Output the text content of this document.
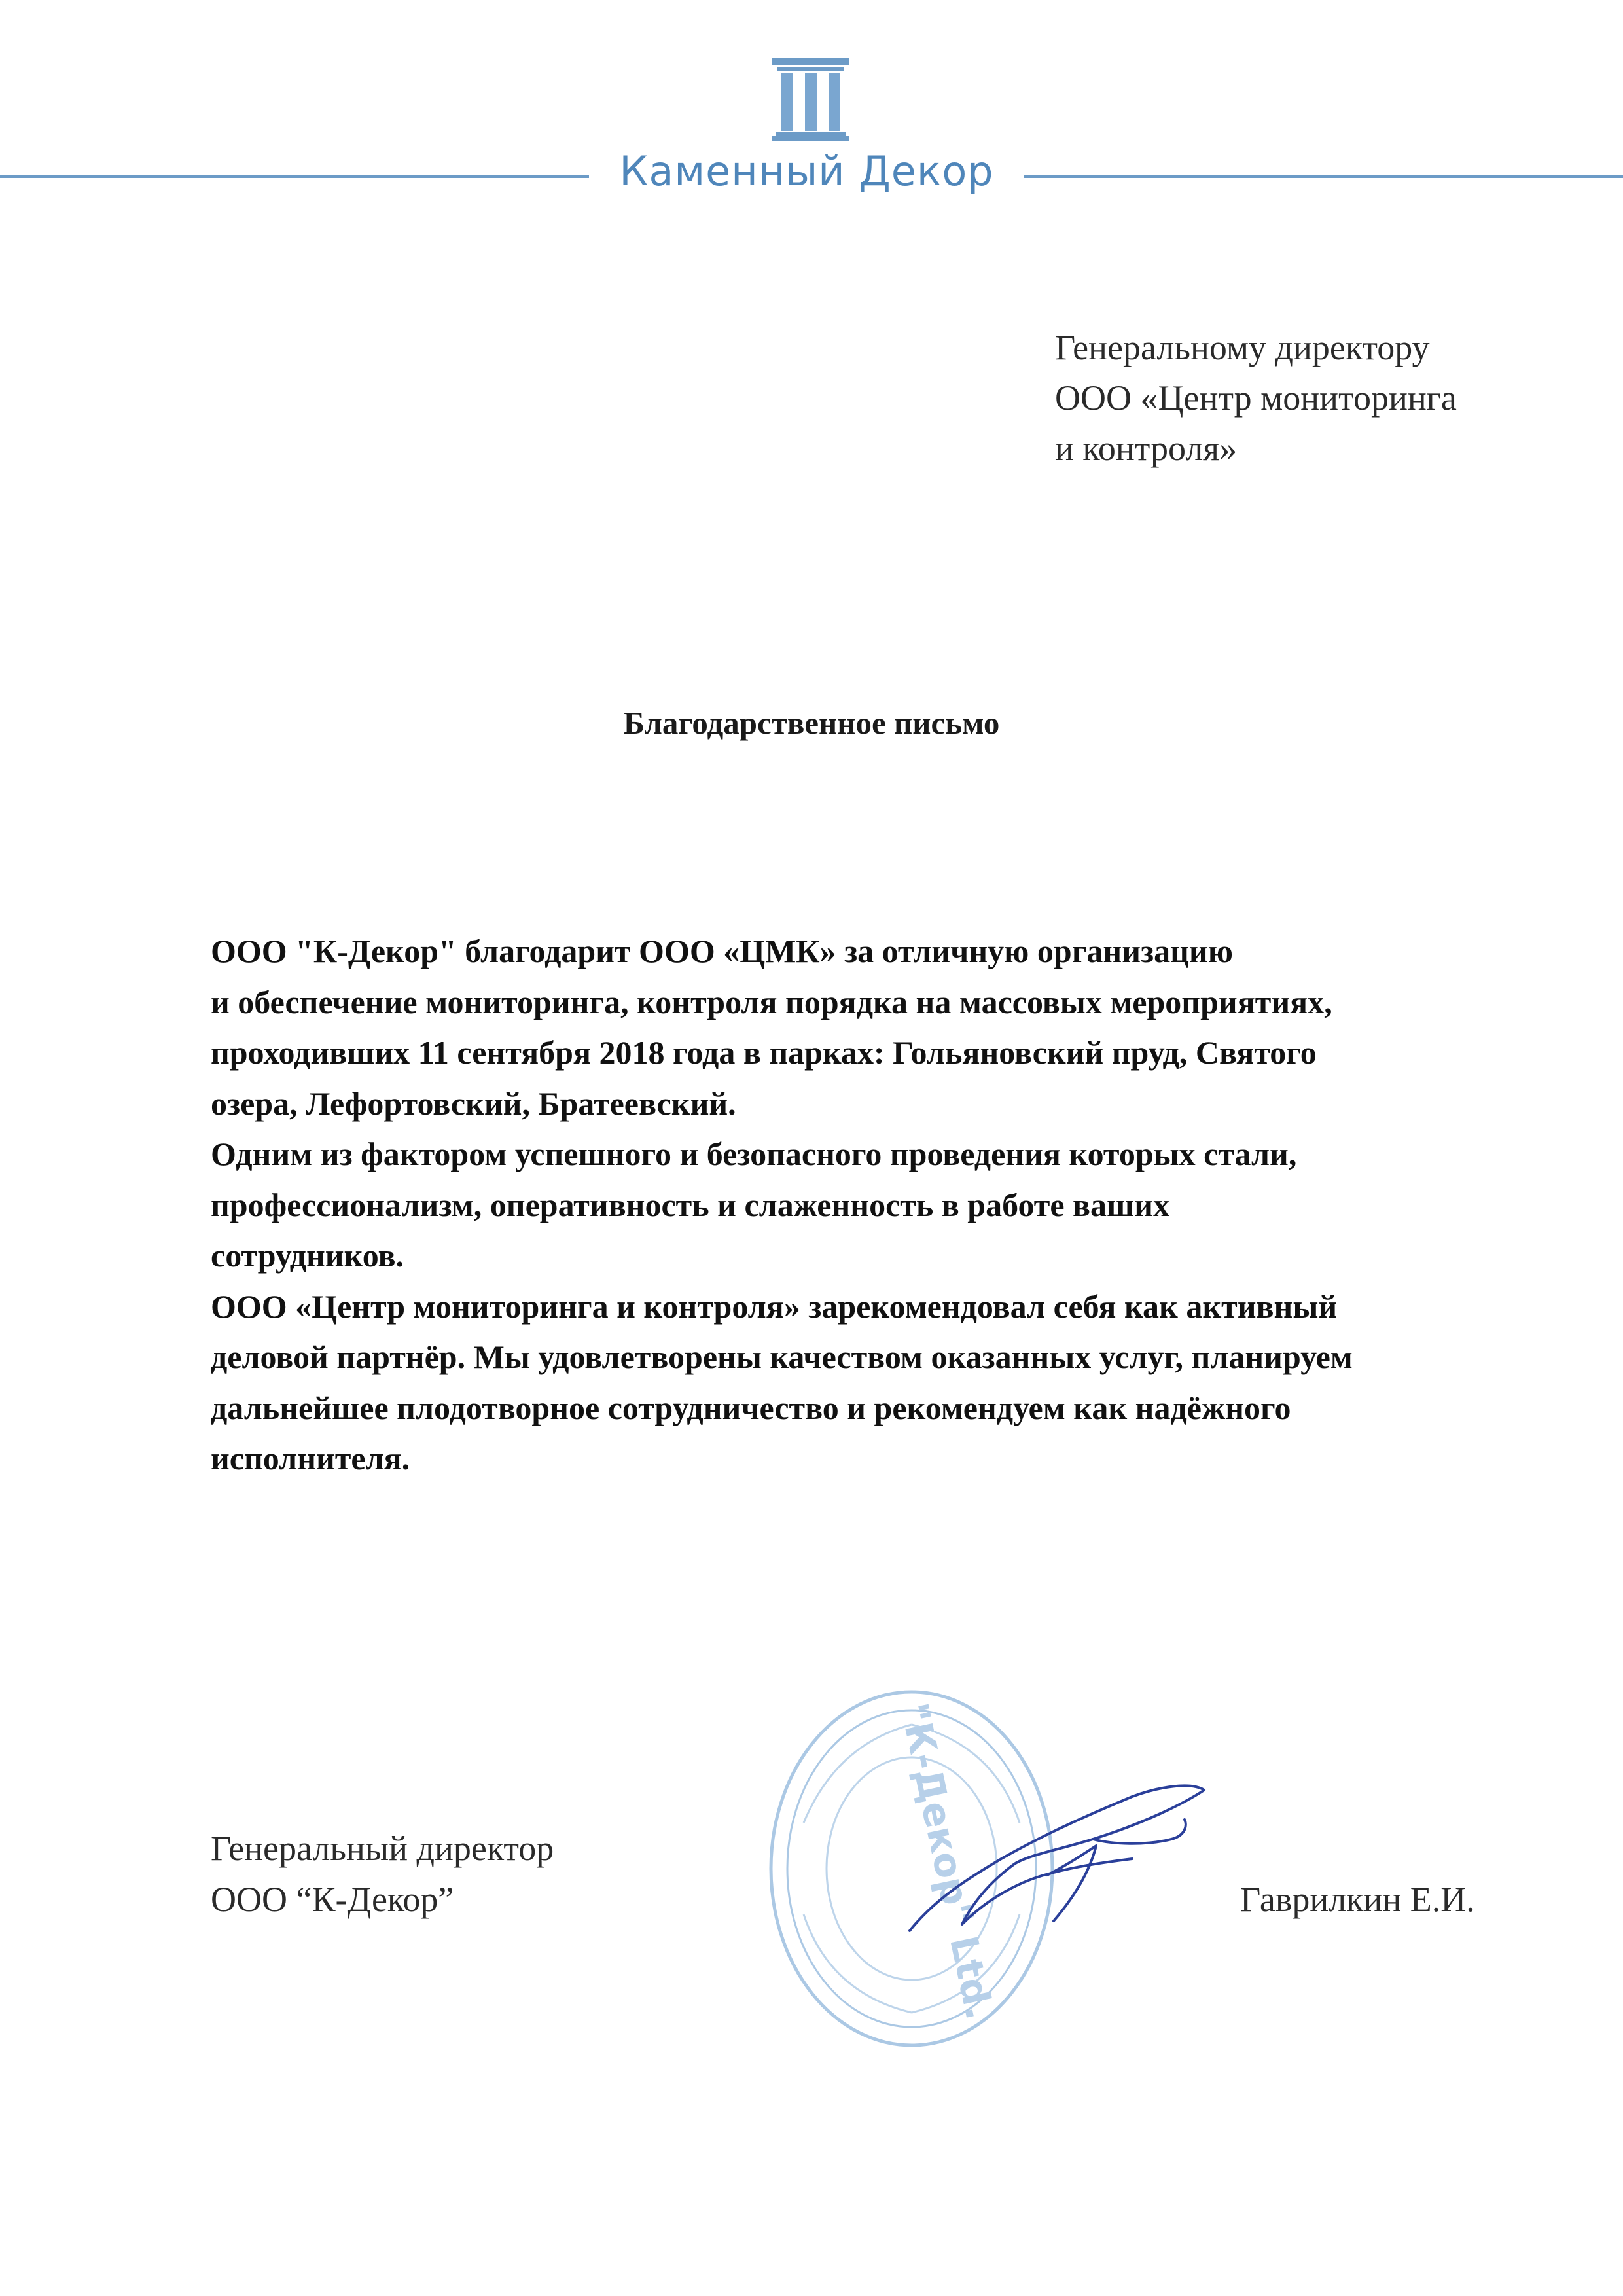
Каменный Декор
Генеральному директору
ООО «Центр мониторинга
и контроля»
Благодарственное письмо
ООО "К-Декор" благодарит ООО «ЦМК» за отличную организацию
и обеспечение мониторинга, контроля порядка на массовых мероприятиях,
проходивших 11 сентября 2018 года в парках: Гольяновский пруд, Святого
озера, Лефортовский, Братеевский.
Одним из фактором успешного и безопасного проведения которых стали,
профессионализм, оперативность и слаженность в работе ваших
сотрудников.
ООО «Центр мониторинга и контроля» зарекомендовал себя как активный
деловой партнёр. Мы удовлетворены качеством оказанных услуг, планируем
дальнейшее плодотворное сотрудничество и рекомендуем как надёжного
исполнителя.
Генеральный директор
ООО “К-Декор”	"К-Декор" Ltd.	Гаврилкин Е.И.
